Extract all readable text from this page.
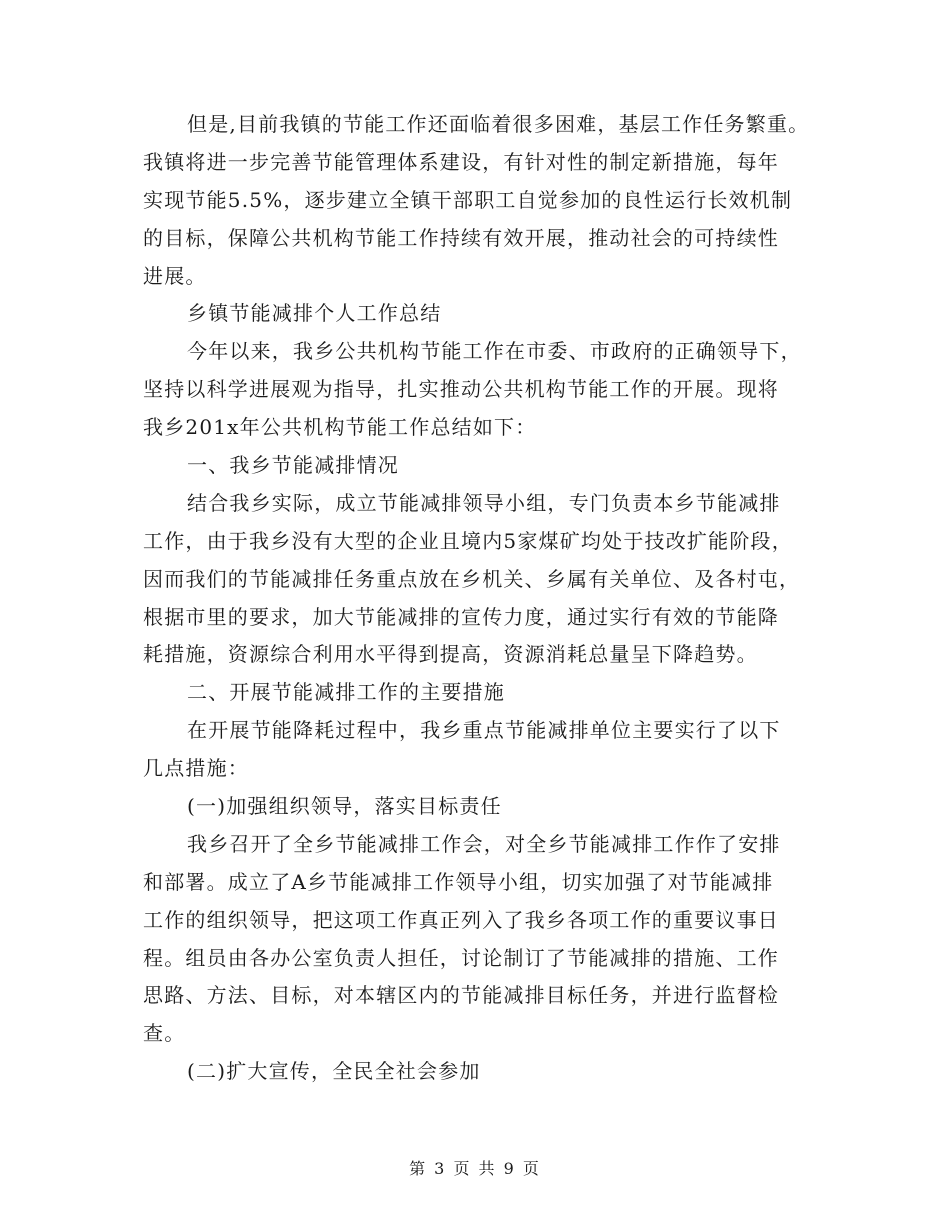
但是,目前我镇的节能工作还面临着很多困难，基层工作任务繁重。
我镇将进一步完善节能管理体系建设，有针对性的制定新措施，每年
实现节能5.5%，逐步建立全镇干部职工自觉参加的良性运行长效机制
的目标，保障公共机构节能工作持续有效开展，推动社会的可持续性
进展。
乡镇节能减排个人工作总结
今年以来，我乡公共机构节能工作在市委、市政府的正确领导下，
坚持以科学进展观为指导，扎实推动公共机构节能工作的开展。现将
我乡201x年公共机构节能工作总结如下：
一、我乡节能减排情况
结合我乡实际，成立节能减排领导小组，专门负责本乡节能减排
工作，由于我乡没有大型的企业且境内5家煤矿均处于技改扩能阶段，
因而我们的节能减排任务重点放在乡机关、乡属有关单位、及各村屯，
根据市里的要求，加大节能减排的宣传力度，通过实行有效的节能降
耗措施，资源综合利用水平得到提高，资源消耗总量呈下降趋势。
二、开展节能减排工作的主要措施
在开展节能降耗过程中，我乡重点节能减排单位主要实行了以下
几点措施：
(一)加强组织领导，落实目标责任
我乡召开了全乡节能减排工作会，对全乡节能减排工作作了安排
和部署。成立了A乡节能减排工作领导小组，切实加强了对节能减排
工作的组织领导，把这项工作真正列入了我乡各项工作的重要议事日
程。组员由各办公室负责人担任，讨论制订了节能减排的措施、工作
思路、方法、目标，对本辖区内的节能减排目标任务，并进行监督检
查。
(二)扩大宣传，全民全社会参加
第 3 页 共 9 页
